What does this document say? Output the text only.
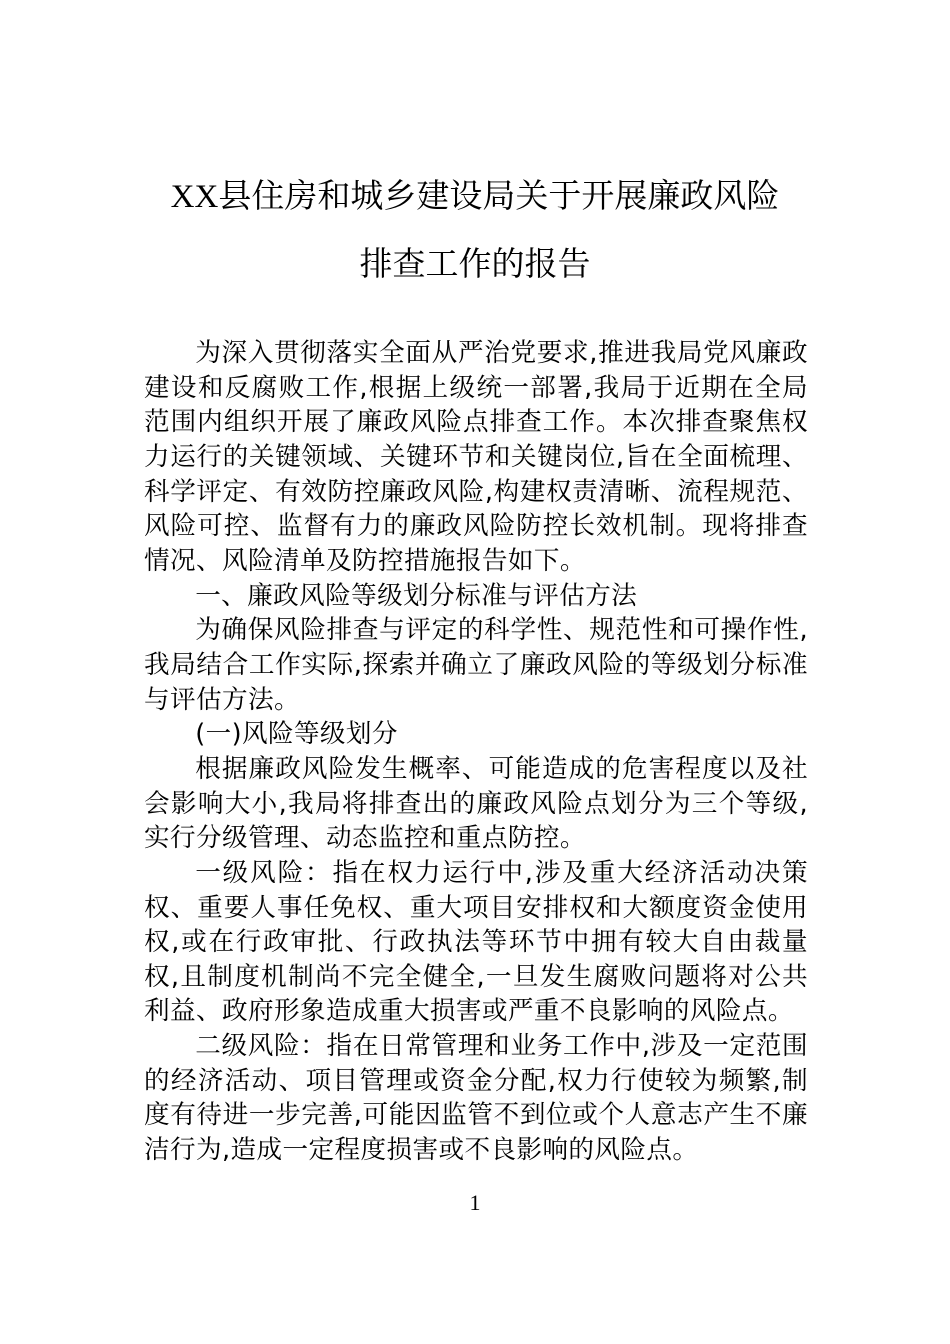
XX县住房和城乡建设局关于开展廉政风险
排查工作的报告

为深入贯彻落实全面从严治党要求,推进我局党风廉政建设和反腐败工作,根据上级统一部署,我局于近期在全局范围内组织开展了廉政风险点排查工作。本次排查聚焦权力运行的关键领域、关键环节和关键岗位,旨在全面梳理、科学评定、有效防控廉政风险,构建权责清晰、流程规范、风险可控、监督有力的廉政风险防控长效机制。现将排查情况、风险清单及防控措施报告如下。

一、廉政风险等级划分标准与评估方法

为确保风险排查与评定的科学性、规范性和可操作性,我局结合工作实际,探索并确立了廉政风险的等级划分标准与评估方法。

(一)风险等级划分

根据廉政风险发生概率、可能造成的危害程度以及社会影响大小,我局将排查出的廉政风险点划分为三个等级,实行分级管理、动态监控和重点防控。

一级风险：指在权力运行中,涉及重大经济活动决策权、重要人事任免权、重大项目安排权和大额度资金使用权,或在行政审批、行政执法等环节中拥有较大自由裁量权,且制度机制尚不完全健全,一旦发生腐败问题将对公共利益、政府形象造成重大损害或严重不良影响的风险点。

二级风险：指在日常管理和业务工作中,涉及一定范围的经济活动、项目管理或资金分配,权力行使较为频繁,制度有待进一步完善,可能因监管不到位或个人意志产生不廉洁行为,造成一定程度损害或不良影响的风险点。

1
